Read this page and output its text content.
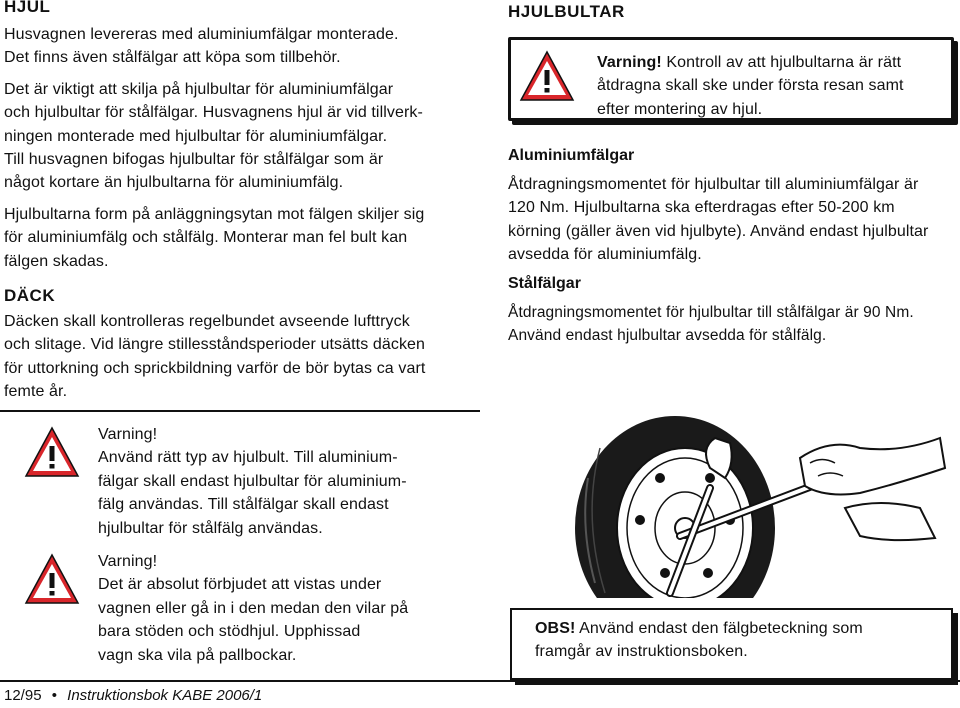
HJUL

Husvagnen levereras med aluminiumfälgar monterade.
Det finns även stålfälgar att köpa som tillbehör.

Det är viktigt att skilja på hjulbultar för aluminiumfälgar
och hjulbultar för stålfälgar. Husvagnens hjul är vid tillverk-
ningen monterade med hjulbultar för aluminiumfälgar.
Till husvagnen bifogas hjulbultar för stålfälgar som är
något kortare än hjulbultarna för aluminiumfälg.

Hjulbultarna form på anläggningsytan mot fälgen skiljer sig
för aluminiumfälg och stålfälg. Monterar man fel bult kan
fälgen skadas.

DÄCK

Däcken skall kontrolleras regelbundet avseende lufttryck
och slitage. Vid längre stillesståndsperioder utsätts däcken
för uttorkning och sprickbildning varför de bör bytas ca vart
femte år.

HJULBULTAR
Varning! Kontroll av att hjulbultarna är rätt
åtdragna skall ske under första resan samt
efter montering av hjul.
Aluminiumfälgar
Åtdragningsmomentet för hjulbultar till aluminiumfälgar är
120 Nm. Hjulbultarna ska efterdragas efter 50-200 km
körning (gäller även vid hjulbyte). Använd endast hjulbultar
avsedda för aluminiumfälg.
Stålfälgar
Åtdragningsmomentet för hjulbultar till stålfälgar är 90 Nm.
Använd endast hjulbultar avsedda för stålfälg.
Varning!
Använd rätt typ av hjulbult. Till aluminium-
fälgar skall endast hjulbultar för aluminium-
fälg användas. Till stålfälgar skall endast
hjulbultar för stålfälg användas.
Varning!
Det är absolut förbjudet att vistas under
vagnen eller gå in i den medan den vilar på
bara stöden och stödhjul. Upphissad
vagn ska vila på pallbockar.
OBS! Använd endast den fälgbeteckning som
framgår av instruktionsboken.
12/95 • Instruktionsbok KABE 2006/1
